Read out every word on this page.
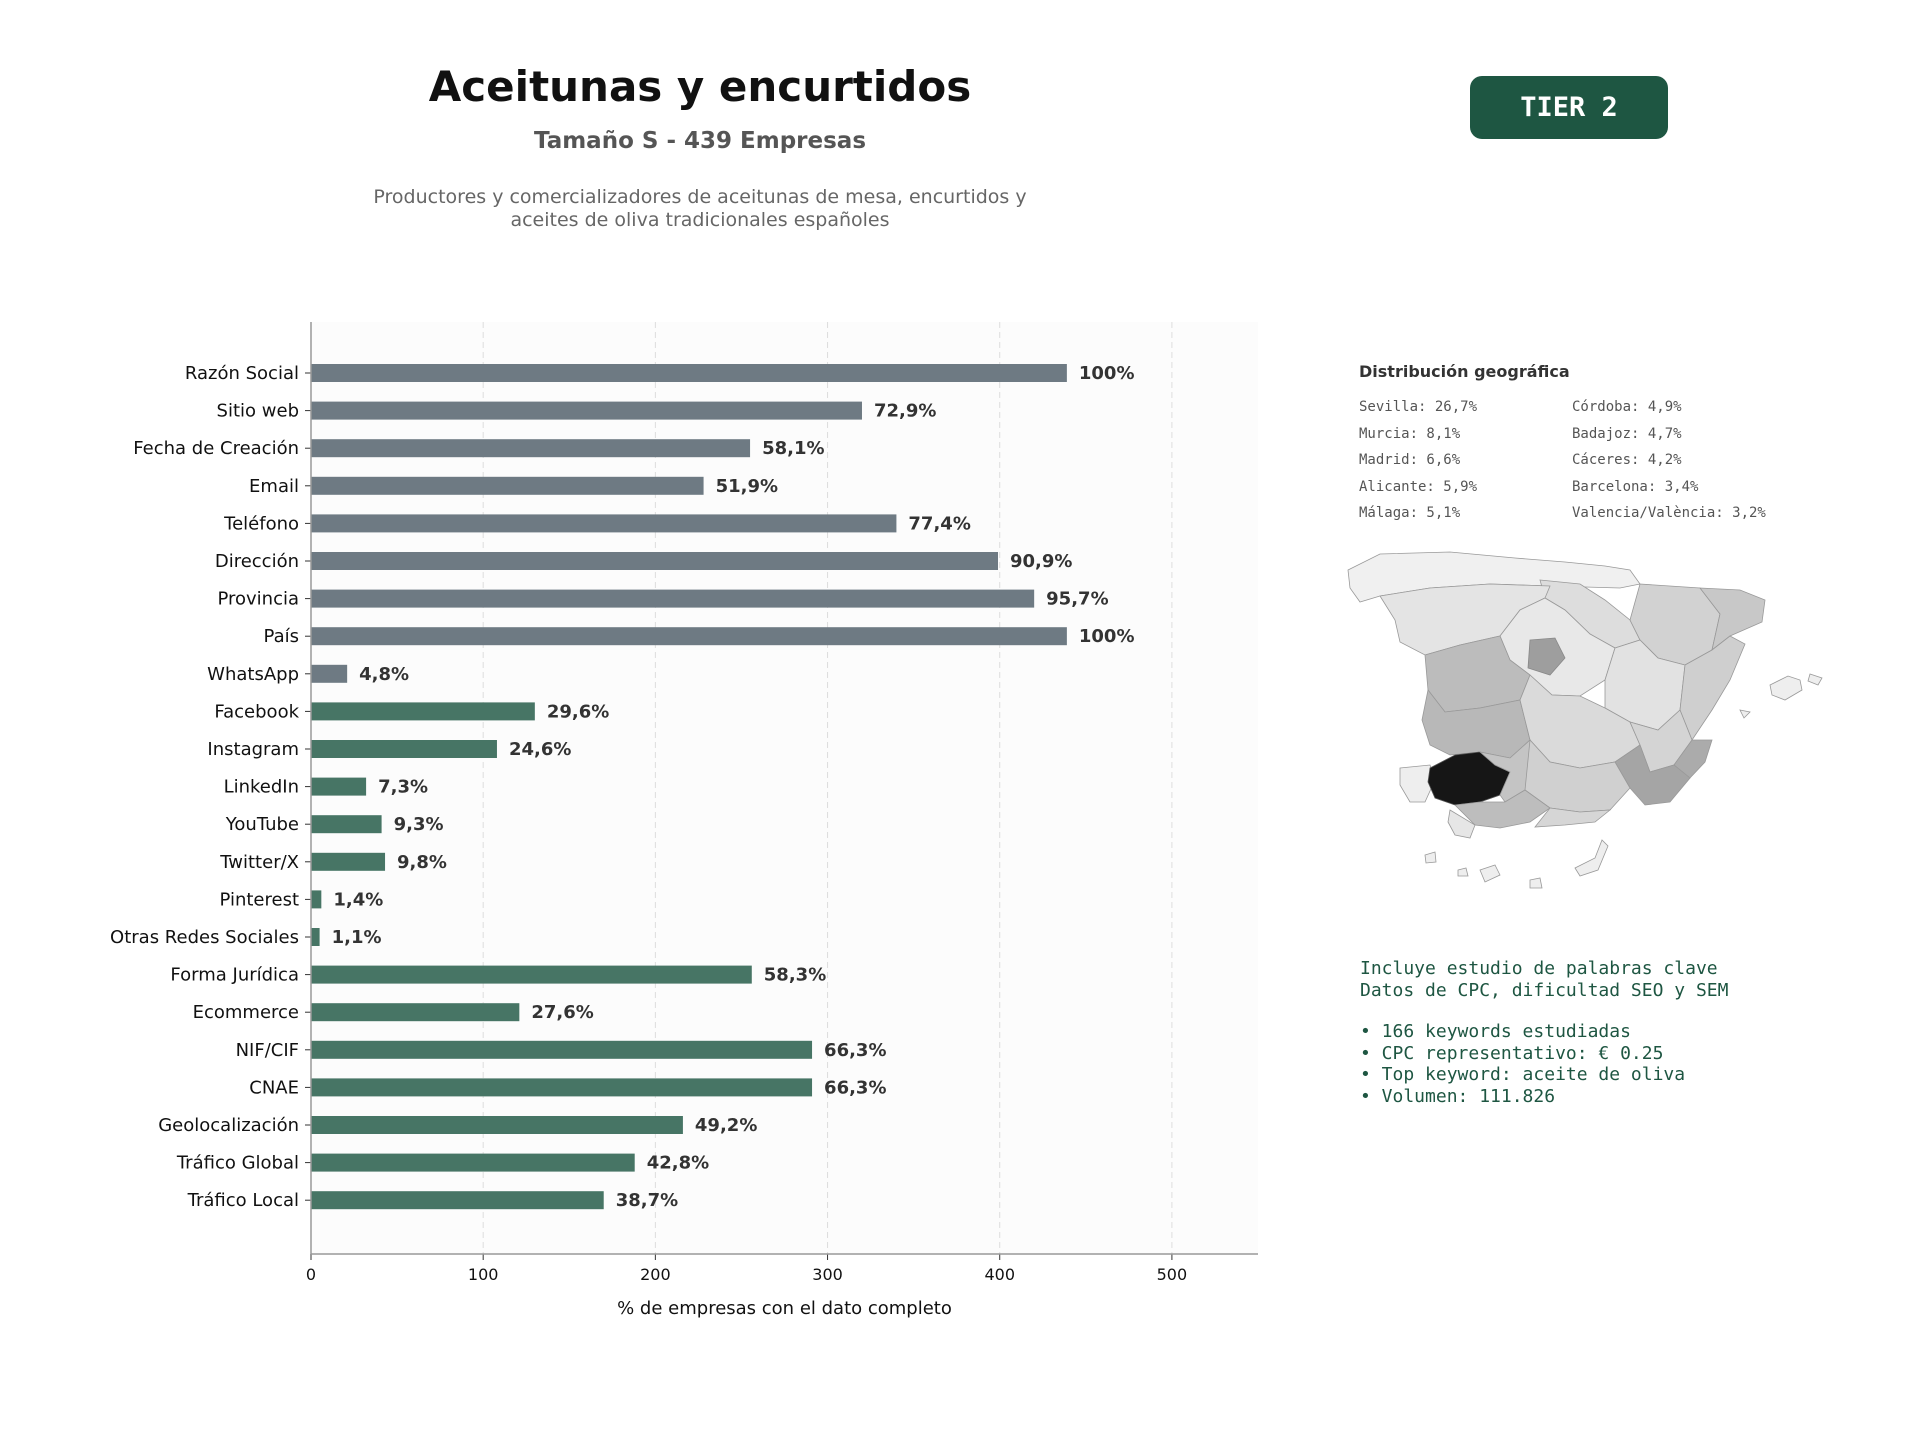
Aceitunas y encurtidos
Tamaño S - 439 Empresas
Productores y comercializadores de aceitunas de mesa, encurtidos y
aceites de oliva tradicionales españoles
TIER 2
Razón Social	100%
Sitio web	72,9%
Fecha de Creación	58,1%
Email	51,9%
Teléfono	77,4%
Dirección	90,9%
Provincia	95,7%
País	100%
WhatsApp	4,8%
Facebook	29,6%
Instagram	24,6%
LinkedIn	7,3%
YouTube	9,3%
Twitter/X	9,8%
Pinterest 1,4%
Otras Redes Sociales 1,1%
Forma Jurídica	58,3%
Ecommerce	27,6%
NIF/CIF	66,3%
CNAE	66,3%
Geolocalización	49,2%
Tráfico Global	42,8%
Tráfico Local	38,7%
0	100	200	300	400	500
% de empresas con el dato completo
Distribución geográfica
Sevilla: 26,7%
Murcia: 8,1%
Madrid: 6,6%
Alicante: 5,9%
Málaga: 5,1%
Córdoba: 4,9%
Badajoz: 4,7%
Cáceres: 4,2%
Barcelona: 3,4%
Valencia/València: 3,2%
Incluye estudio de palabras clave
Datos de CPC, dificultad SEO y SEM
• 166 keywords estudiadas
• CPC representativo: € 0.25
• Top keyword: aceite de oliva
• Volumen: 111.826
